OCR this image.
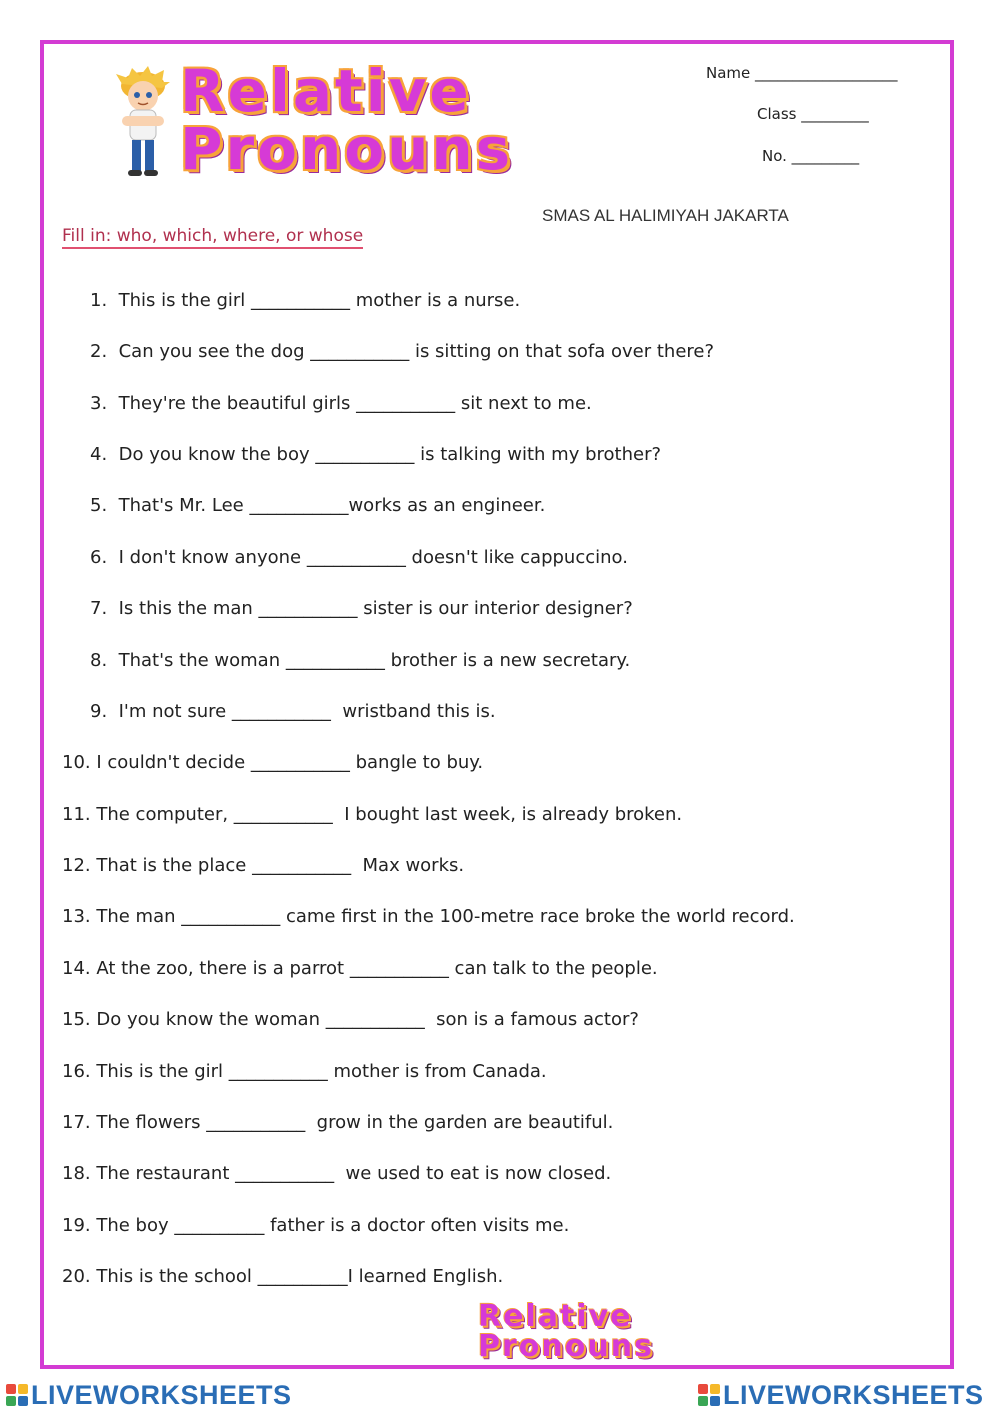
Relative
Pronouns
Name ___________________
Class _________
No. _________
SMAS AL HALIMIYAH JAKARTA
Fill in: who, which, where, or whose
1.  This is the girl ___________ mother is a nurse.
2.  Can you see the dog ___________ is sitting on that sofa over there?
3.  They're the beautiful girls ___________ sit next to me.
4.  Do you know the boy ___________ is talking with my brother?
5.  That's Mr. Lee ___________works as an engineer.
6.  I don't know anyone ___________ doesn't like cappuccino.
7.  Is this the man ___________ sister is our interior designer?
8.  That's the woman ___________ brother is a new secretary.
9.  I'm not sure ___________  wristband this is.
10. I couldn't decide ___________ bangle to buy.
11. The computer, ___________  I bought last week, is already broken.
12. That is the place ___________  Max works.
13. The man ___________ came first in the 100-metre race broke the world record.
14. At the zoo, there is a parrot ___________ can talk to the people.
15. Do you know the woman ___________  son is a famous actor?
16. This is the girl ___________ mother is from Canada.
17. The flowers ___________  grow in the garden are beautiful.
18. The restaurant ___________  we used to eat is now closed.
19. The boy __________ father is a doctor often visits me.
20. This is the school __________I learned English.
Relative
Pronouns
LIVEWORKSHEETS	LIVEWORKSHEETS
